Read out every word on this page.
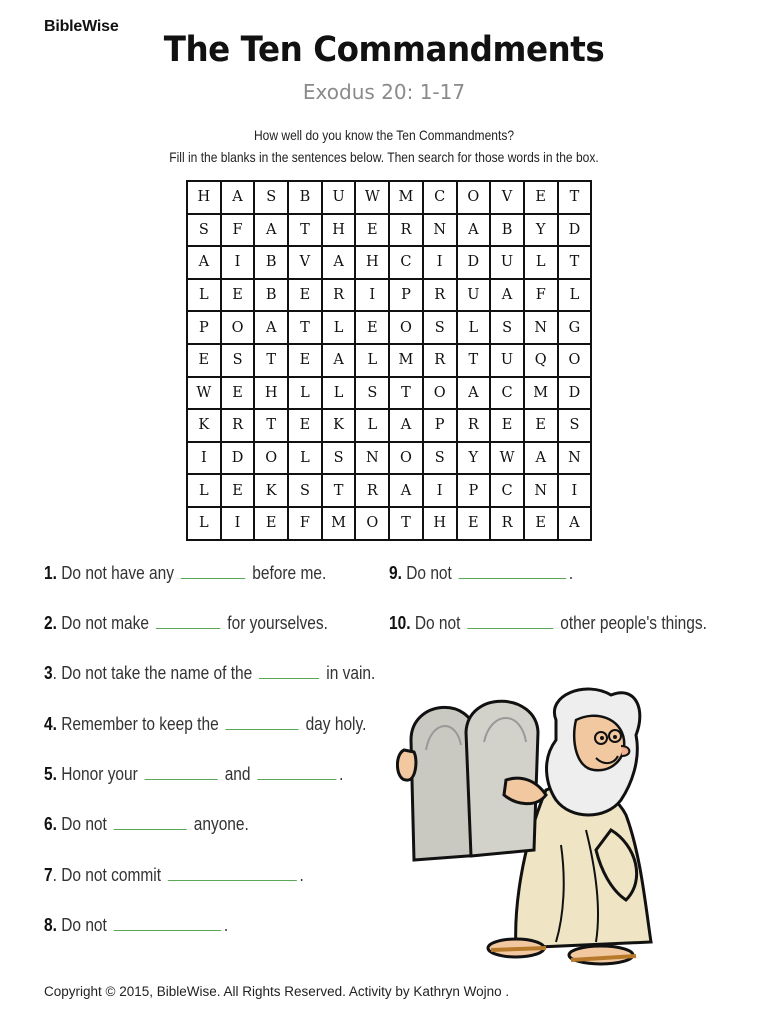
BibleWise
The Ten Commandments
Exodus 20: 1-17
How well do you know the Ten Commandments?
Fill in the blanks in the sentences below. Then search for those words in the box.
H	A	S	B	U	W	M	C	O	V	E	T
S	F	A	T	H	E	R	N	A	B	Y	D
A	I	B	V	A	H	C	I	D	U	L	T
L	E	B	E	R	I	P	R	U	A	F	L
P	O	A	T	L	E	O	S	L	S	N	G
E	S	T	E	A	L	M	R	T	U	Q	O
W	E	H	L	L	S	T	O	A	C	M	D
K	R	T	E	K	L	A	P	R	E	E	S
I	D	O	L	S	N	O	S	Y	W	A	N
L	E	K	S	T	R	A	I	P	C	N	I
L	I	E	F	M	O	T	H	E	R	E	A
1. Do not have any	before me.
2. Do not make	for yourselves.
3. Do not take the name of the	in vain.
4. Remember to keep the	day holy.
5. Honor your	and	.
6. Do not	anyone.
7. Do not commit	.
8. Do not	.
9. Do not	.
10. Do not	other people's things.
Copyright © 2015, BibleWise. All Rights Reserved. Activity by Kathryn Wojno .
